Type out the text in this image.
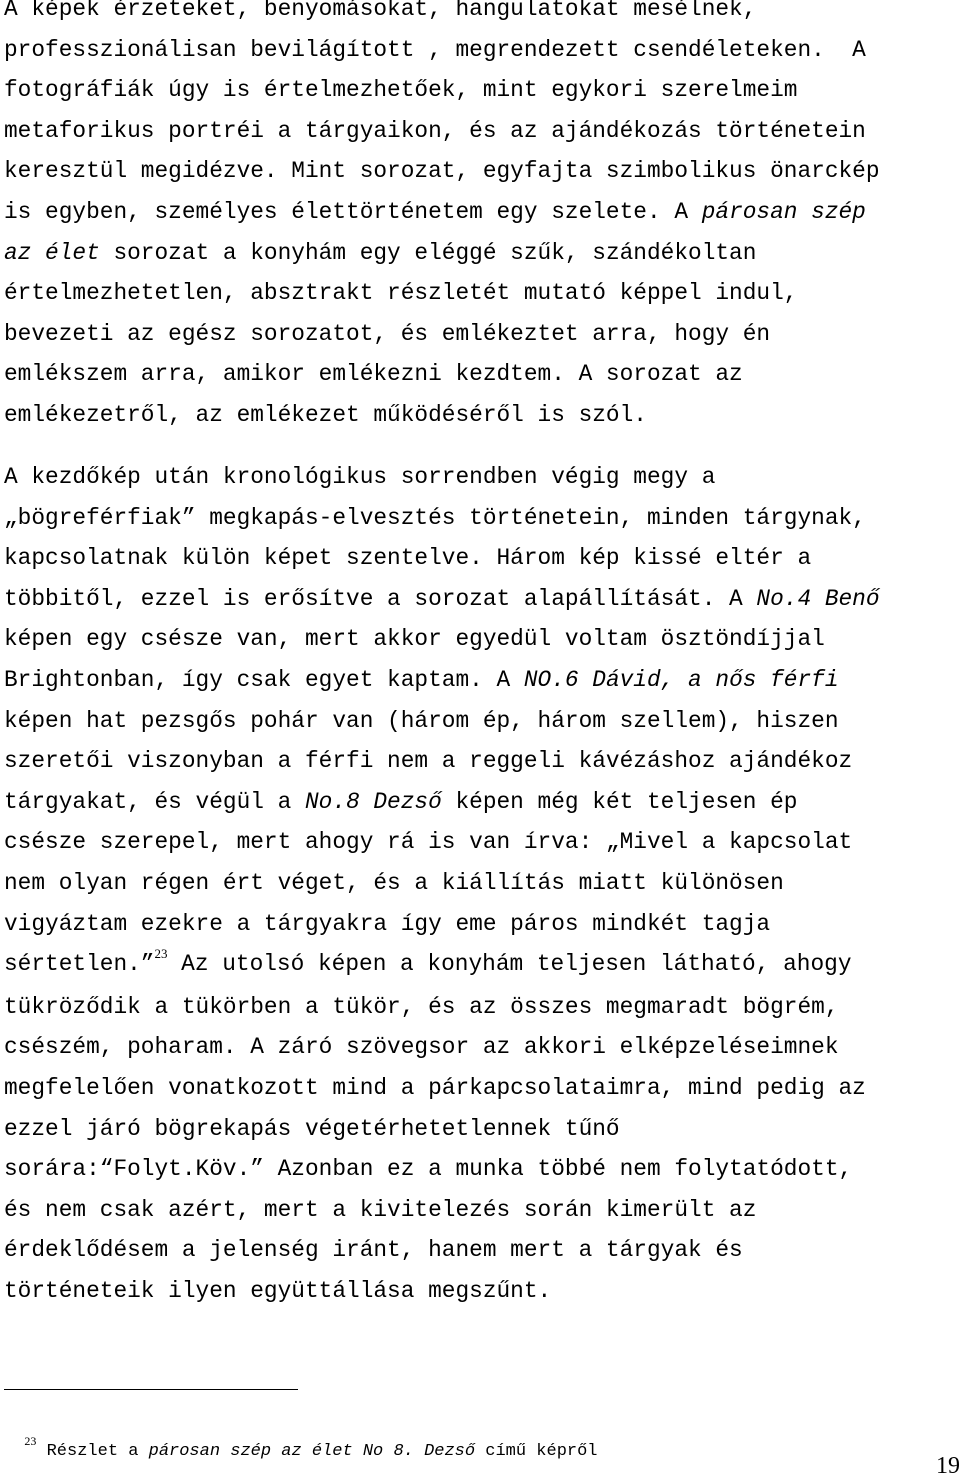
A képek érzeteket, benyomásokat, hangulatokat mesélnek,
professzionálisan bevilágított , megrendezett csendéleteken.  A
fotográfiák úgy is értelmezhetőek, mint egykori szerelmeim
metaforikus portréi a tárgyaikon, és az ajándékozás történetein
keresztül megidézve. Mint sorozat, egyfajta szimbolikus önarckép
is egyben, személyes élettörténetem egy szelete. A párosan szép
az élet sorozat a konyhám egy eléggé szűk, szándékoltan
értelmezhetetlen, absztrakt részletét mutató képpel indul,
bevezeti az egész sorozatot, és emlékeztet arra, hogy én
emlékszem arra, amikor emlékezni kezdtem. A sorozat az
emlékezetről, az emlékezet működéséről is szól.
A kezdőkép után kronológikus sorrendben végig megy a
„bögreférfiak” megkapás-elvesztés történetein, minden tárgynak,
kapcsolatnak külön képet szentelve. Három kép kissé eltér a
többitől, ezzel is erősítve a sorozat alapállítását. A No.4 Benő
képen egy csésze van, mert akkor egyedül voltam ösztöndíjjal
Brightonban, így csak egyet kaptam. A NO.6 Dávid, a nős férfi
képen hat pezsgős pohár van (három ép, három szellem), hiszen
szeretői viszonyban a férfi nem a reggeli kávézáshoz ajándékoz
tárgyakat, és végül a No.8 Dezső képen még két teljesen ép
csésze szerepel, mert ahogy rá is van írva: „Mivel a kapcsolat
nem olyan régen ért véget, és a kiállítás miatt különösen
vigyáztam ezekre a tárgyakra így eme páros mindkét tagja
sértetlen.”$^{23}$ Az utolsó képen a konyhám teljesen látható, ahogy
tükröződik a tükörben a tükör, és az összes megmaradt bögrém,
csészém, poharam. A záró szövegsor az akkori elképzeléseimnek
megfelelően vonatkozott mind a párkapcsolataimra, mind pedig az
ezzel járó bögrekapás végetérhetetlennek tűnő
sorára:“Folyt.Köv.” Azonban ez a munka többé nem folytatódott,
és nem csak azért, mert a kivitelezés során kimerült az
érdeklődésem a jelenség iránt, hanem mert a tárgyak és
történeteik ilyen együttállása megszűnt.

$^{23}$ Részlet a párosan szép az élet No 8. Dezső című képről

19
